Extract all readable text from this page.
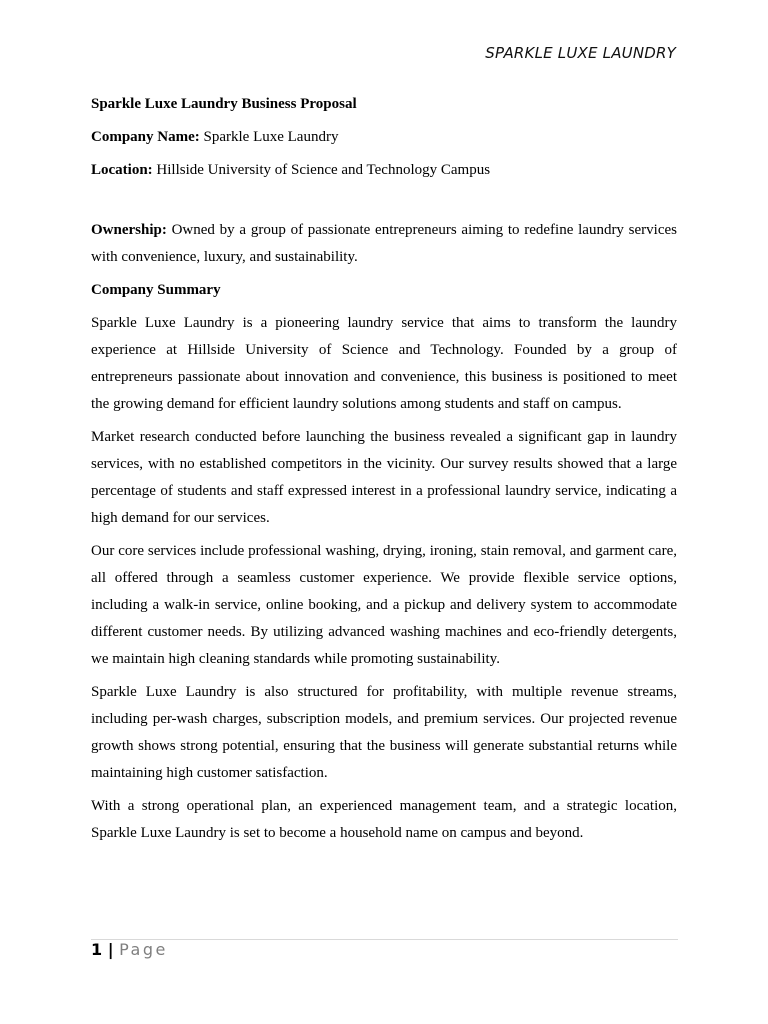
SPARKLE LUXE LAUNDRY

Sparkle Luxe Laundry Business Proposal

Company Name: Sparkle Luxe Laundry

Location: Hillside University of Science and Technology Campus

Ownership: Owned by a group of passionate entrepreneurs aiming to redefine laundry services with convenience, luxury, and sustainability.

Company Summary

Sparkle Luxe Laundry is a pioneering laundry service that aims to transform the laundry experience at Hillside University of Science and Technology. Founded by a group of entrepreneurs passionate about innovation and convenience, this business is positioned to meet the growing demand for efficient laundry solutions among students and staff on campus.

Market research conducted before launching the business revealed a significant gap in laundry services, with no established competitors in the vicinity. Our survey results showed that a large percentage of students and staff expressed interest in a professional laundry service, indicating a high demand for our services.

Our core services include professional washing, drying, ironing, stain removal, and garment care, all offered through a seamless customer experience. We provide flexible service options, including a walk-in service, online booking, and a pickup and delivery system to accommodate different customer needs. By utilizing advanced washing machines and eco-friendly detergents, we maintain high cleaning standards while promoting sustainability.

Sparkle Luxe Laundry is also structured for profitability, with multiple revenue streams, including per-wash charges, subscription models, and premium services. Our projected revenue growth shows strong potential, ensuring that the business will generate substantial returns while maintaining high customer satisfaction.

With a strong operational plan, an experienced management team, and a strategic location, Sparkle Luxe Laundry is set to become a household name on campus and beyond.

1 | Page
